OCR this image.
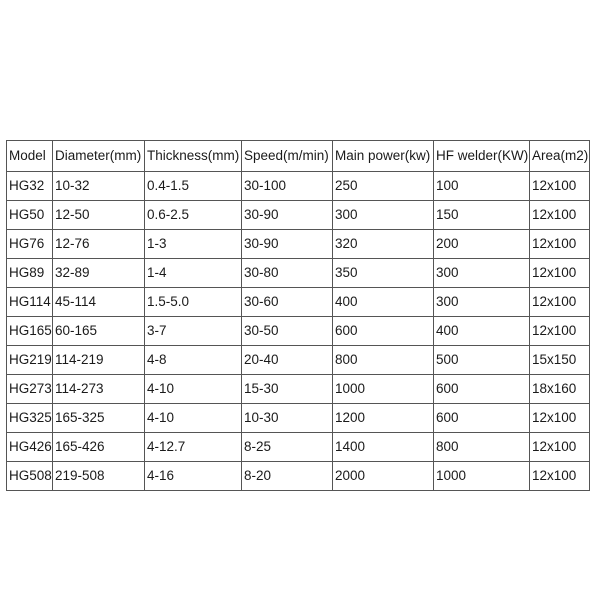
Model	Diameter(mm)	Thickness(mm)	Speed(m/min)	Main power(kw)	HF welder(KW)	Area(m2)
HG32	10-32	0.4-1.5	30-100	250	100	12x100
HG50	12-50	0.6-2.5	30-90	300	150	12x100
HG76	12-76	1-3	30-90	320	200	12x100
HG89	32-89	1-4	30-80	350	300	12x100
HG114	45-114	1.5-5.0	30-60	400	300	12x100
HG165	60-165	3-7	30-50	600	400	12x100
HG219	114-219	4-8	20-40	800	500	15x150
HG273	114-273	4-10	15-30	1000	600	18x160
HG325	165-325	4-10	10-30	1200	600	12x100
HG426	165-426	4-12.7	8-25	1400	800	12x100
HG508	219-508	4-16	8-20	2000	1000	12x100
